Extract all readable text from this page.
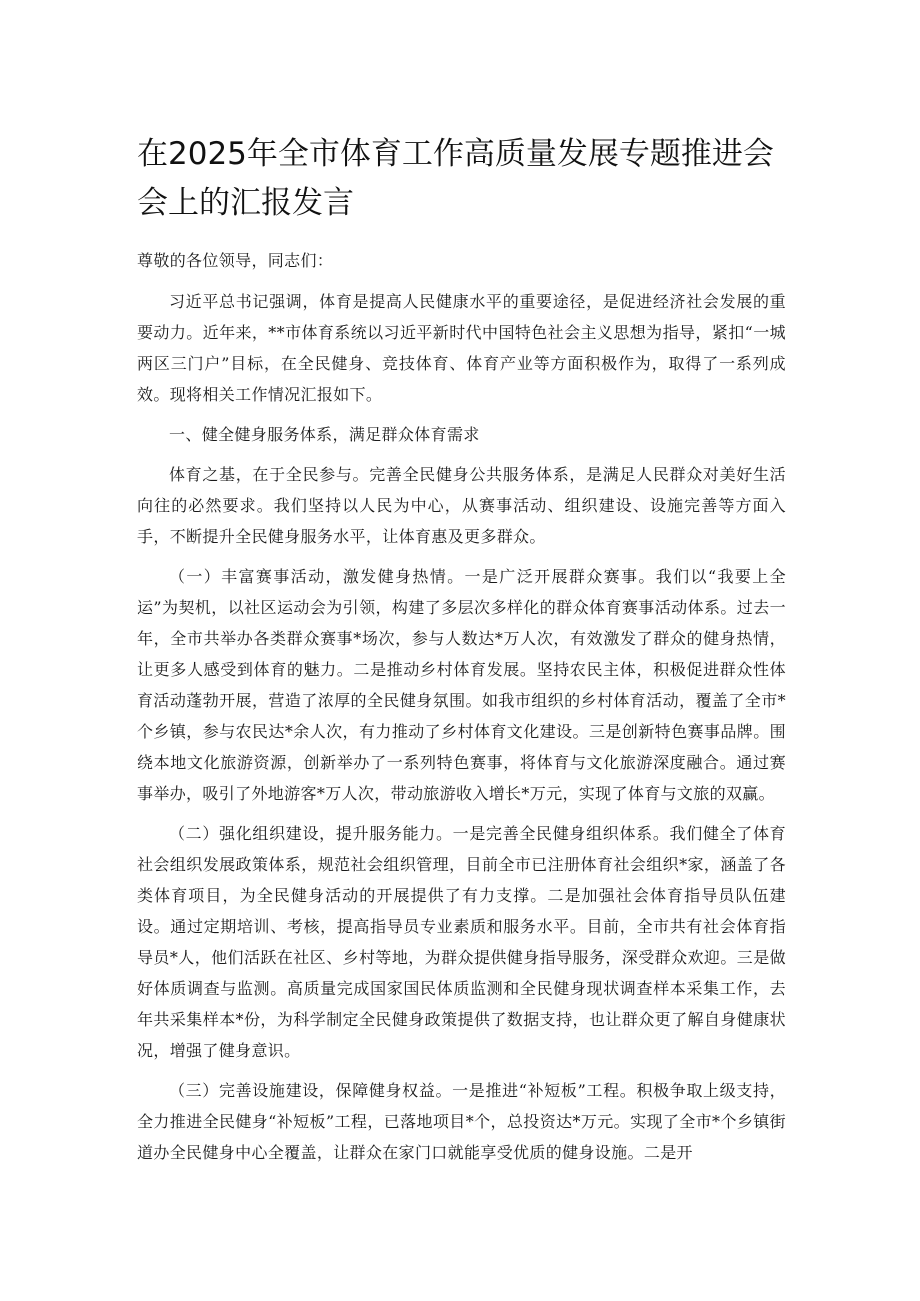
在2025年全市体育工作高质量发展专题推进会会上的汇报发言

尊敬的各位领导，同志们：

习近平总书记强调，体育是提高人民健康水平的重要途径，是促进经济社会发展的重要动力。近年来，**市体育系统以习近平新时代中国特色社会主义思想为指导，紧扣“一城两区三门户”目标，在全民健身、竞技体育、体育产业等方面积极作为，取得了一系列成效。现将相关工作情况汇报如下。

一、健全健身服务体系，满足群众体育需求

体育之基，在于全民参与。完善全民健身公共服务体系，是满足人民群众对美好生活向往的必然要求。我们坚持以人民为中心，从赛事活动、组织建设、设施完善等方面入手，不断提升全民健身服务水平，让体育惠及更多群众。

（一）丰富赛事活动，激发健身热情。一是广泛开展群众赛事。我们以“我要上全运”为契机，以社区运动会为引领，构建了多层次多样化的群众体育赛事活动体系。过去一年，全市共举办各类群众赛事*场次，参与人数达*万人次，有效激发了群众的健身热情，让更多人感受到体育的魅力。二是推动乡村体育发展。坚持农民主体，积极促进群众性体育活动蓬勃开展，营造了浓厚的全民健身氛围。如我市组织的乡村体育活动，覆盖了全市*个乡镇，参与农民达*余人次，有力推动了乡村体育文化建设。三是创新特色赛事品牌。围绕本地文化旅游资源，创新举办了一系列特色赛事，将体育与文化旅游深度融合。通过赛事举办，吸引了外地游客*万人次，带动旅游收入增长*万元，实现了体育与文旅的双赢。

（二）强化组织建设，提升服务能力。一是完善全民健身组织体系。我们健全了体育社会组织发展政策体系，规范社会组织管理，目前全市已注册体育社会组织*家，涵盖了各类体育项目，为全民健身活动的开展提供了有力支撑。二是加强社会体育指导员队伍建设。通过定期培训、考核，提高指导员专业素质和服务水平。目前，全市共有社会体育指导员*人，他们活跃在社区、乡村等地，为群众提供健身指导服务，深受群众欢迎。三是做好体质调查与监测。高质量完成国家国民体质监测和全民健身现状调查样本采集工作，去年共采集样本*份，为科学制定全民健身政策提供了数据支持，也让群众更了解自身健康状况，增强了健身意识。

（三）完善设施建设，保障健身权益。一是推进“补短板”工程。积极争取上级支持，全力推进全民健身“补短板”工程，已落地项目*个，总投资达*万元。实现了全市*个乡镇街道办全民健身中心全覆盖，让群众在家门口就能享受优质的健身设施。二是开
